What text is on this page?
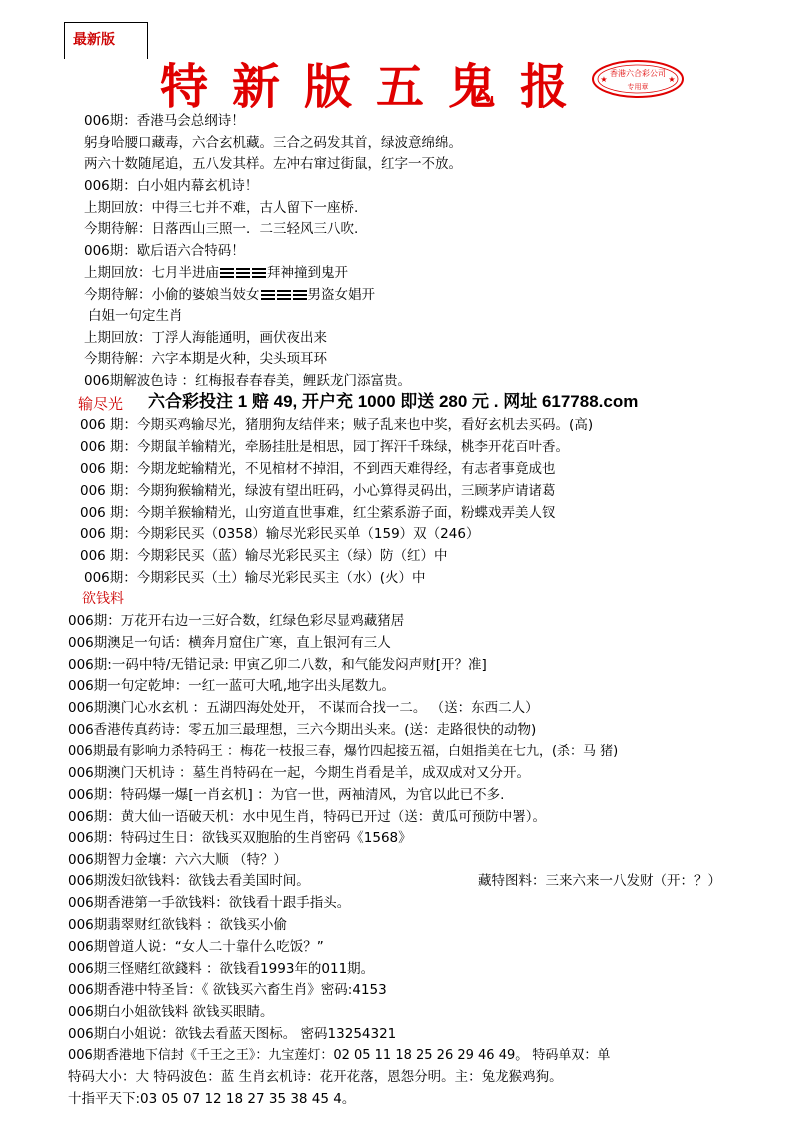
最新版
特新版五鬼报 香港六合彩公司
专用章
★	★
006期：香港马会总纲诗！
躬身哈腰口藏毒，六合玄机藏。三合之码发其首，绿波意绵绵。
两六十数随尾追，五八发其样。左冲右窜过街鼠，红字一不放。
006期：白小姐内幕玄机诗！
上期回放：中得三七并不难，古人留下一座桥.
今期待解：日落西山三照一．二三轻风三八吹.
006期：歇后语六合特码！
上期回放：七月半进庙	拜神撞到鬼开
今期待解：小偷的婆娘当妓女	男盗女娼开
白姐一句定生肖
上期回放：丁浮人海能通明，画伏夜出来
今期待解：六字本期是火种，尖头顼耳环
006期解波色诗 ：红梅报春春春美，鲤跃龙门添富贵。
输尽光 六合彩投注 1 赔 49, 开户充 1000 即送 280 元 . 网址 617788.com
006 期：今期买鸡输尽光，猪朋狗友结伴来；贼子乱来也中奖，看好玄机去买码。(高)
006 期：今期鼠羊输精光，牵肠挂肚是相思，园丁挥汗千珠绿，桃李开花百叶香。
006 期：今期龙蛇输精光，不见棺材不掉泪，不到西天难得经，有志者事竟成也
006 期：今期狗猴输精光，绿波有望出旺码，小心算得灵码出，三顾茅庐请诸葛
006 期：今期羊猴输精光，山穷道直世事难，红尘萦系游子面，粉蝶戏弄美人钗
006 期：今期彩民买（0358）输尽光彩民买单（159）双（246）
006 期：今期彩民买（蓝）输尽光彩民买主（绿）防（红）中
006期：今期彩民买（土）输尽光彩民买主（水）(火）中
欲钱料
006期：万花开右边一三好合数，红绿色彩尽显鸡藏猪居
006期澳足一句话：横奔月窟住广寒，直上银河有三人
006期:一码中特/无错记录: 甲寅乙卯二八数，和气能发闷声财[开？准]
006期一句定乾坤：一红一蓝可大吼,地字出头尾数九。
006期澳门心水玄机 ：五湖四海处处开， 不谋而合找一二。 （送：东西二人）
006香港传真药诗：零五加三最理想，三六今期出头来。(送：走路很快的动物)
006期最有影响力杀特码王 ：梅花一枝报三春，爆竹四起接五福，白姐指美在七九，(杀：马 猪)
006期澳门天机诗 ：墓生肖特码在一起，今期生肖看是羊，成双成对又分开。
006期：特码爆一爆[一肖玄机] ：为官一世，两袖清风，为官以此已不多.
006期：黄大仙一语破天机：水中见生肖，特码已开过（送：黄瓜可预防中署）。
006期：特码过生日：欲钱买双胞胎的生肖密码《1568》
006期智力金壤：六六大顺 （特？）
006期泼妇欲钱料：欲钱去看美国时间。	藏特图料：三来六来一八发财（开：？）
006期香港第一手欲钱料：欲钱看十跟手指头。
006期翡翠财红欲钱料 ：欲钱买小偷
006期曾道人说：“女人二十靠什么吃饭？”
006期三怪赌红欲錢料 ：欲钱看1993年的011期。
006期香港中特圣旨：《 欲钱买六畜生肖》密码:4153
006期白小姐欲钱料 欲钱买眼睛。
006期白小姐说：欲钱去看蓝天图标。 密码13254321
006期香港地下信封《千王之王》：九宝莲灯：02 05 11 18 25 26 29 46 49。 特码单双：单
特码大小：大 特码波色：蓝 生肖玄机诗：花开花落，恩怨分明。主：兔龙猴鸡狗。
十指平天下:03 05 07 12 18 27 35 38 45 4。
